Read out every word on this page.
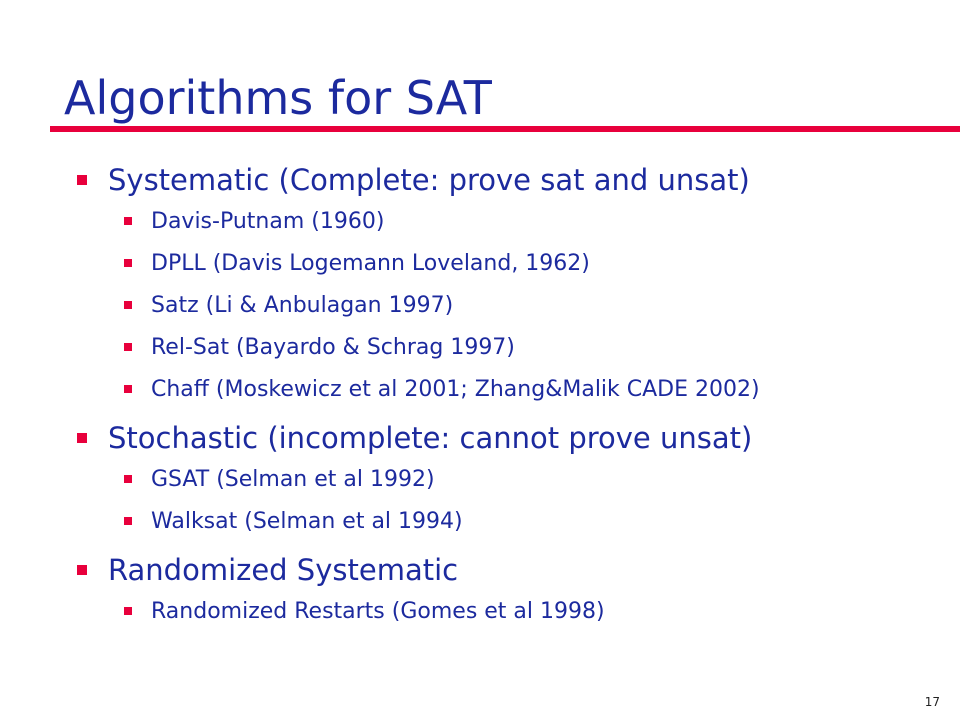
Algorithms for SAT
Systematic (Complete: prove sat and unsat)
Davis-Putnam (1960)
DPLL (Davis Logemann Loveland, 1962)
Satz (Li & Anbulagan 1997)
Rel-Sat (Bayardo & Schrag 1997)
Chaff (Moskewicz et al 2001; Zhang&Malik CADE 2002)
Stochastic (incomplete: cannot prove unsat)
GSAT (Selman et al 1992)
Walksat (Selman et al 1994)
Randomized Systematic
Randomized Restarts (Gomes et al 1998)
17
